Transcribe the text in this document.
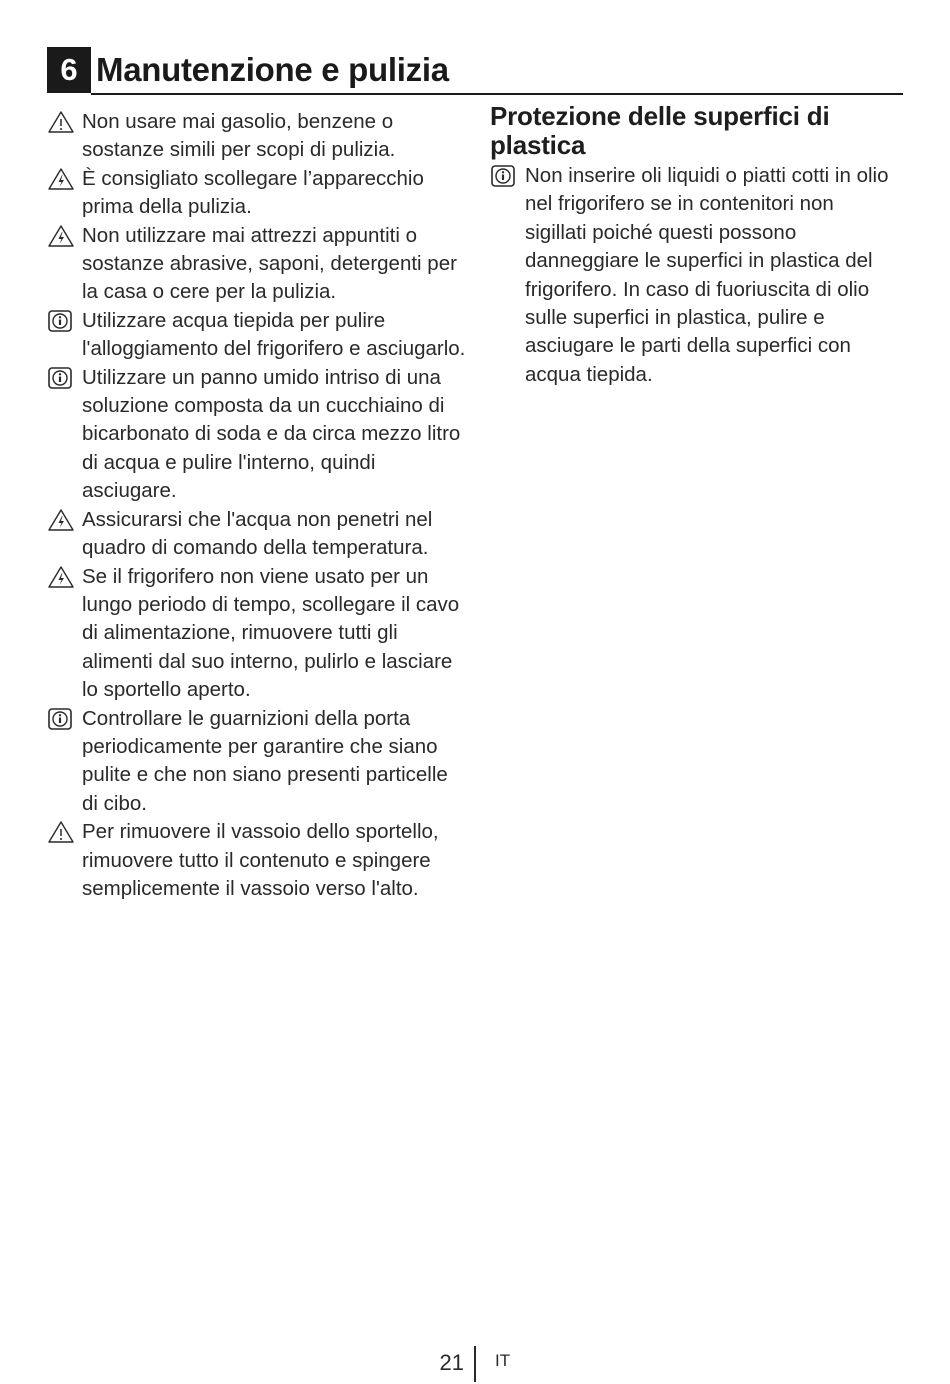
6 Manutenzione e pulizia
Non usare mai gasolio, benzene o sostanze simili per scopi di pulizia.
È consigliato scollegare l’apparecchio prima della pulizia.
Non utilizzare mai attrezzi appuntiti o sostanze abrasive, saponi, detergenti per la casa o cere per la pulizia.
Utilizzare acqua tiepida per pulire l'alloggiamento del frigorifero e asciugarlo.
Utilizzare un panno umido intriso di una soluzione composta da un cucchiaino di bicarbonato di soda e da circa mezzo litro di acqua e pulire l'interno, quindi asciugare.
Assicurarsi che l'acqua non penetri nel quadro di comando della temperatura.
Se il frigorifero non viene usato per un lungo periodo di tempo, scollegare il cavo di alimentazione, rimuovere tutti gli alimenti dal suo interno, pulirlo e lasciare lo sportello aperto.
Controllare le guarnizioni della porta periodicamente per garantire che siano pulite e che non siano presenti particelle di cibo.
Per rimuovere il vassoio dello sportello, rimuovere tutto il contenuto e spingere semplicemente il vassoio verso l'alto.
Protezione delle superfici di plastica
Non inserire oli liquidi o piatti cotti in olio nel frigorifero se in contenitori non sigillati poiché questi possono danneggiare le superfici in plastica del frigorifero. In caso di fuoriuscita di olio sulle superfici in plastica, pulire e asciugare le parti della superfici con acqua tiepida.
21 IT
